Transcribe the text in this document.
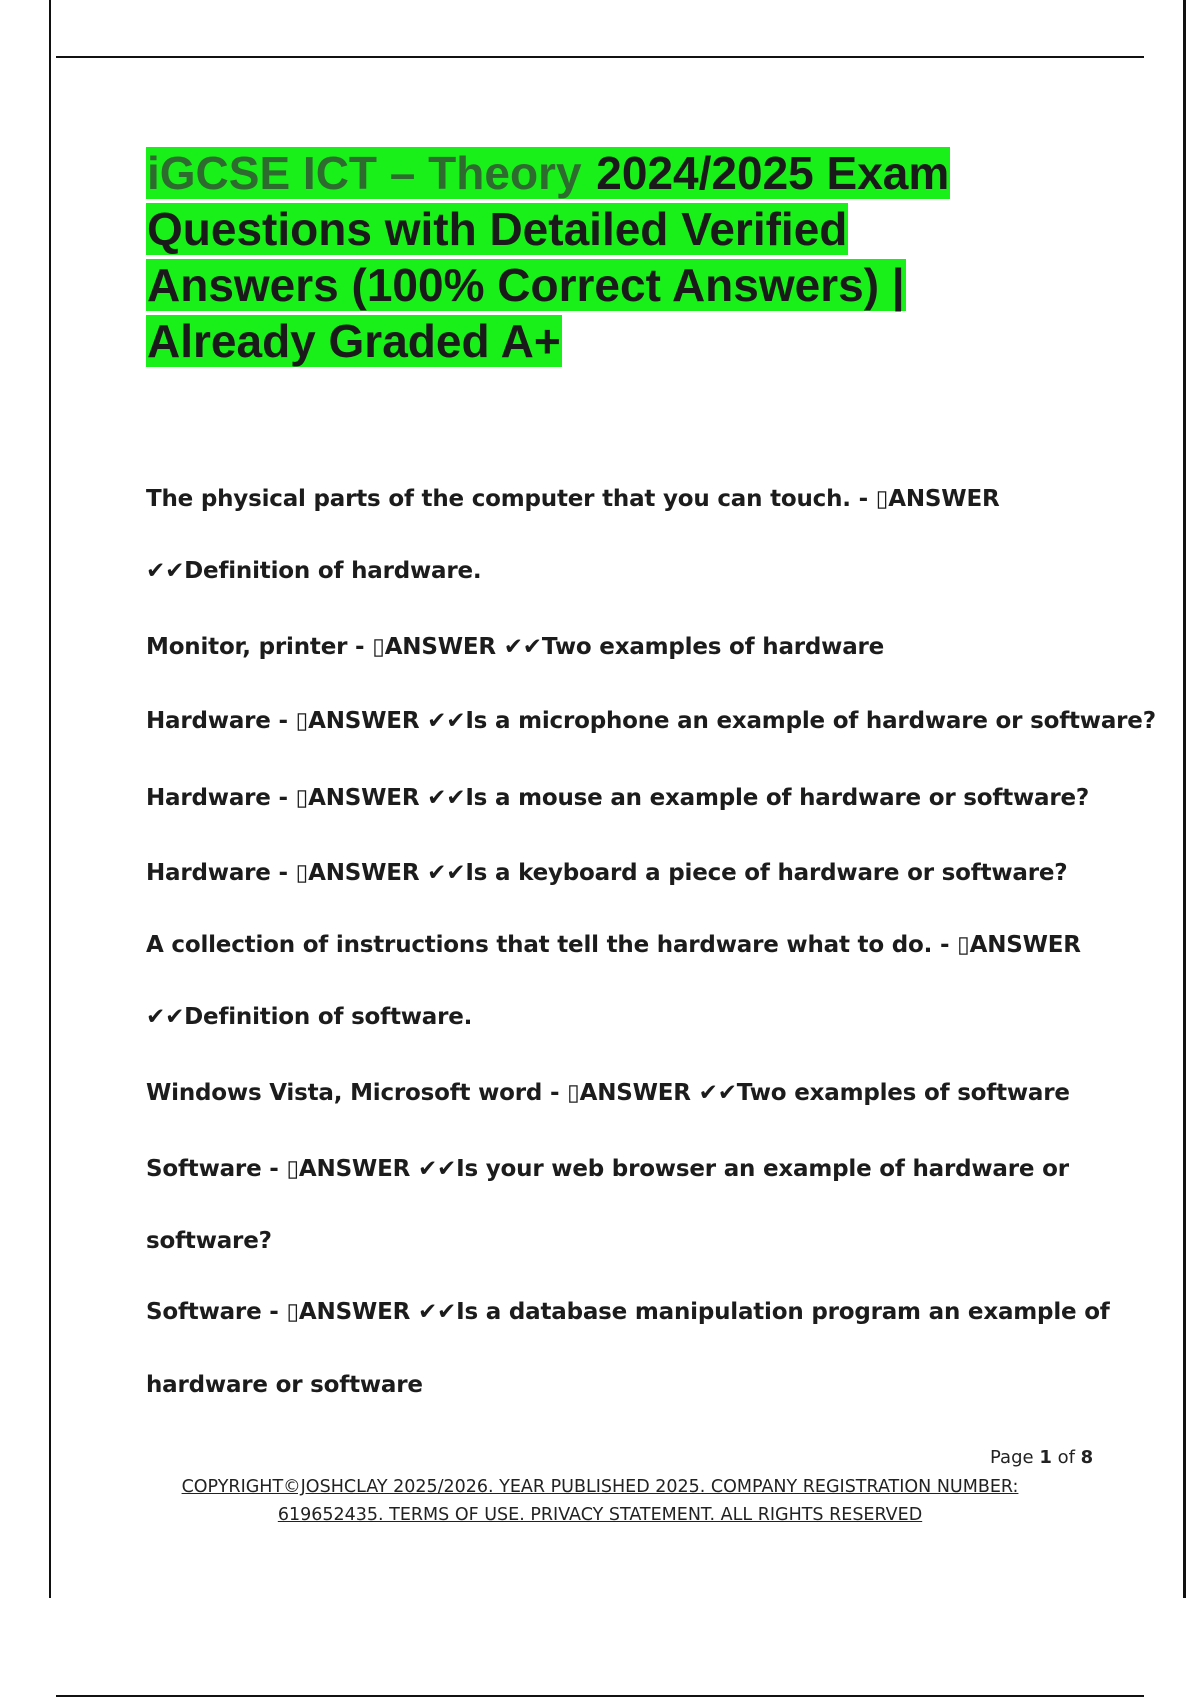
iGCSE ICT – Theory 2024/2025 Exam Questions with Detailed Verified Answers (100% Correct Answers) | Already Graded A+

The physical parts of the computer that you can touch. - ▯ANSWER

✔✔Definition of hardware.

Monitor, printer - ▯ANSWER ✔✔Two examples of hardware

Hardware - ▯ANSWER ✔✔Is a microphone an example of hardware or software?

Hardware - ▯ANSWER ✔✔Is a mouse an example of hardware or software?

Hardware - ▯ANSWER ✔✔Is a keyboard a piece of hardware or software?

A collection of instructions that tell the hardware what to do. - ▯ANSWER

✔✔Definition of software.

Windows Vista, Microsoft word - ▯ANSWER ✔✔Two examples of software

Software - ▯ANSWER ✔✔Is your web browser an example of hardware or

software?

Software - ▯ANSWER ✔✔Is a database manipulation program an example of

hardware or software

Page 1 of 8
COPYRIGHT©JOSHCLAY 2025/2026. YEAR PUBLISHED 2025. COMPANY REGISTRATION NUMBER:
619652435. TERMS OF USE. PRIVACY STATEMENT. ALL RIGHTS RESERVED
